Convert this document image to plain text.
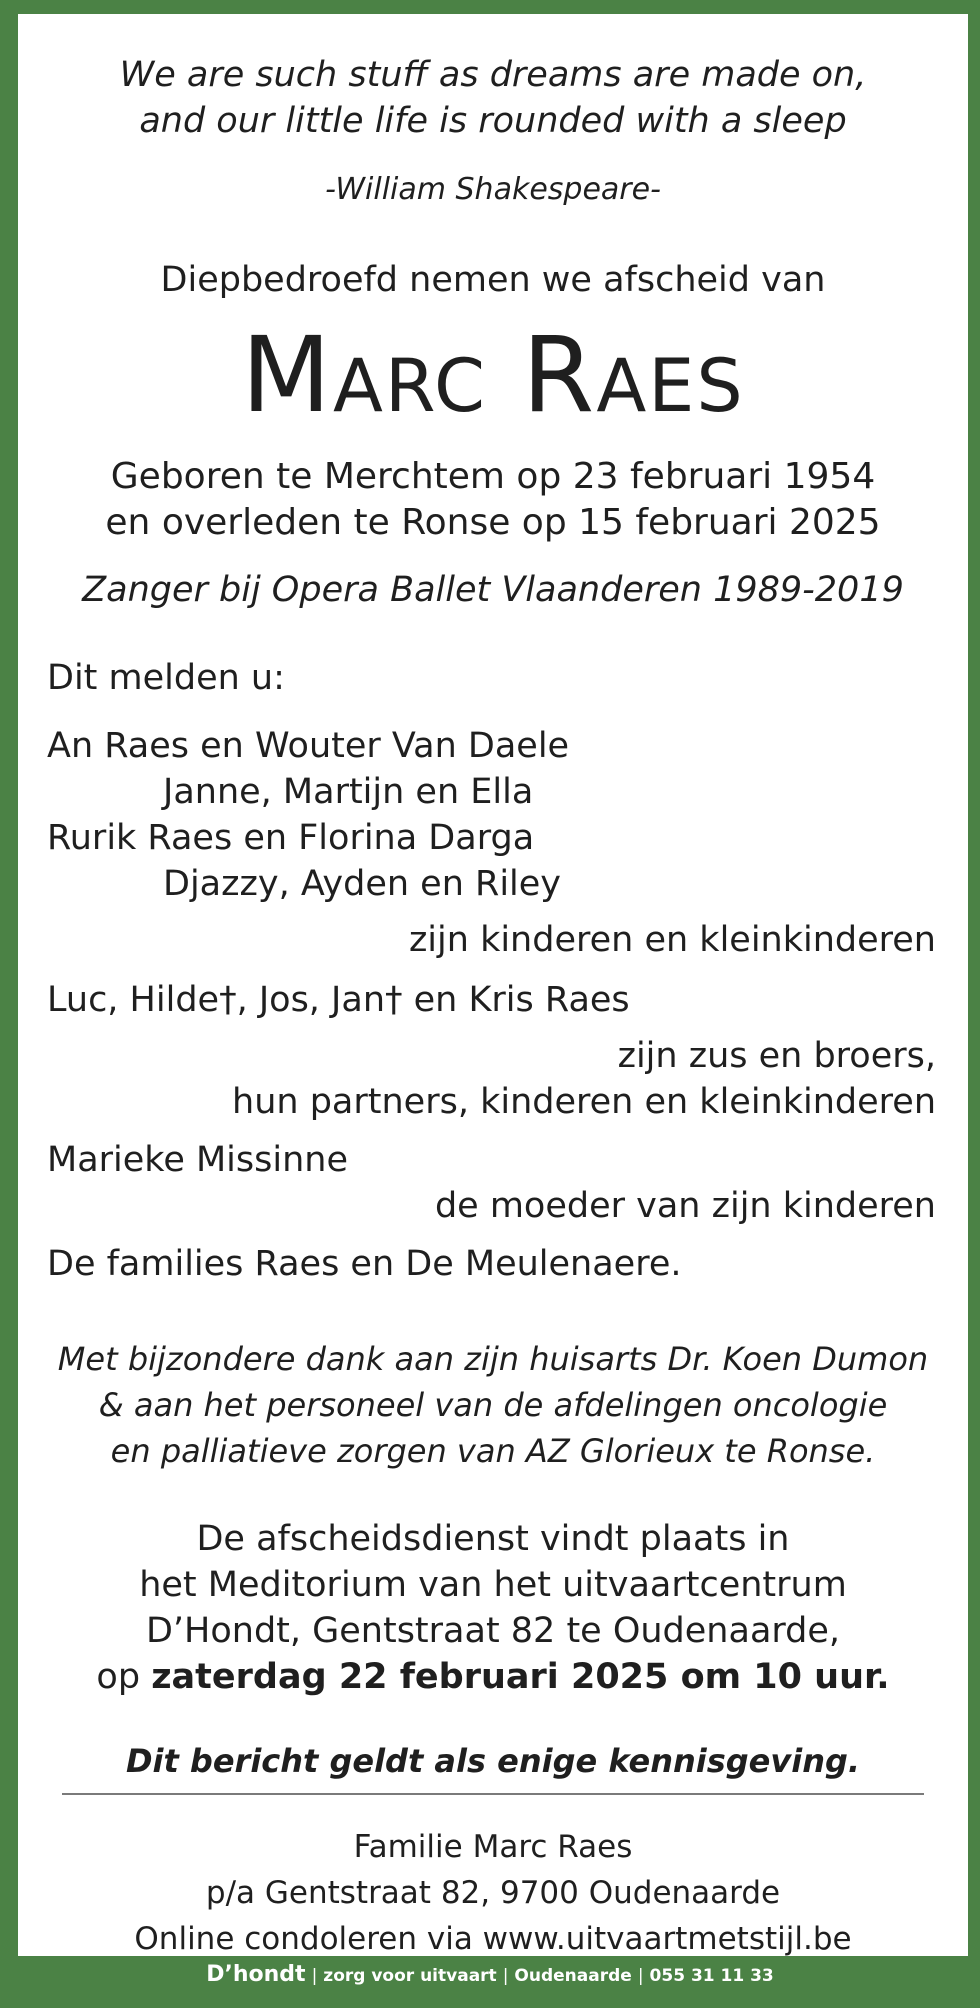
We are such stuff as dreams are made on,
and our little life is rounded with a sleep
-William Shakespeare-
Diepbedroefd nemen we afscheid van
Marc Raes
Geboren te Merchtem op 23 februari 1954
en overleden te Ronse op 15 februari 2025
Zanger bij Opera Ballet Vlaanderen 1989-2019
Dit melden u:
An Raes en Wouter Van Daele
Janne, Martijn en Ella
Rurik Raes en Florina Darga
Djazzy, Ayden en Riley
zijn kinderen en kleinkinderen
Luc, Hilde†, Jos, Jan† en Kris Raes
zijn zus en broers,
hun partners, kinderen en kleinkinderen
Marieke Missinne
de moeder van zijn kinderen
De families Raes en De Meulenaere.
Met bijzondere dank aan zijn huisarts Dr. Koen Dumon
& aan het personeel van de afdelingen oncologie
en palliatieve zorgen van AZ Glorieux te Ronse.
De afscheidsdienst vindt plaats in
het Meditorium van het uitvaartcentrum
D’Hondt, Gentstraat 82 te Oudenaarde,
op zaterdag 22 februari 2025 om 10 uur.
Dit bericht geldt als enige kennisgeving.
Familie Marc Raes
p/a Gentstraat 82, 9700 Oudenaarde
Online condoleren via www.uitvaartmetstijl.be
D’hondt | zorg voor uitvaart | Oudenaarde | 055 31 11 33
